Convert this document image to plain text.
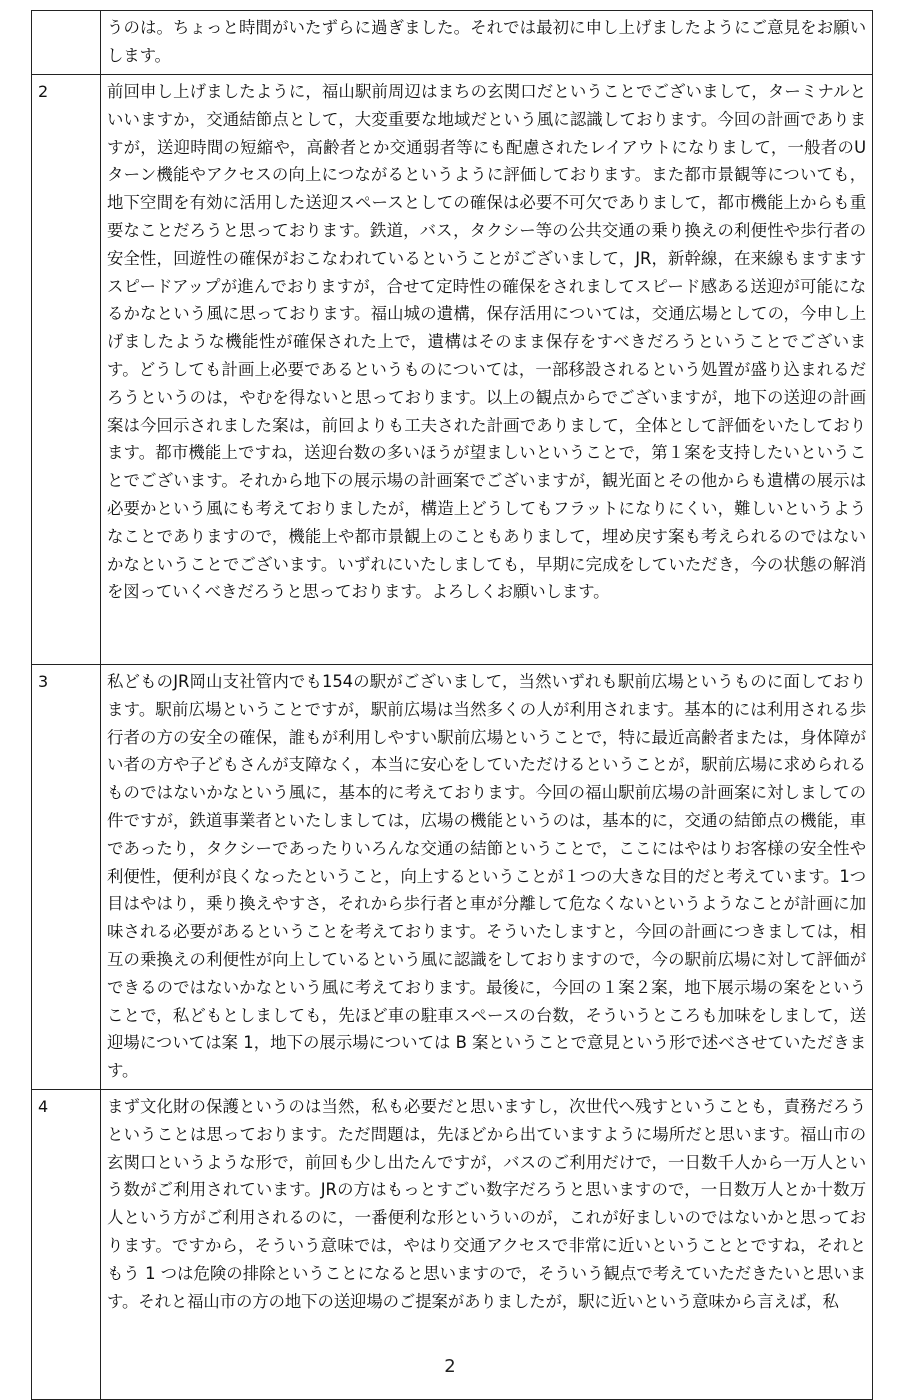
	うのは。ちょっと時間がいたずらに過ぎました。それでは最初に申し上げましたようにご意見をお願いします。
2	前回申し上げましたように，福山駅前周辺はまちの玄関口だということでございまして，ターミナルといいますか，交通結節点として，大変重要な地域だという風に認識しております。今回の計画でありますが，送迎時間の短縮や，高齢者とか交通弱者等にも配慮されたレイアウトになりまして，一般者のUターン機能やアクセスの向上につながるというように評価しております。また都市景観等についても，地下空間を有効に活用した送迎スペースとしての確保は必要不可欠でありまして，都市機能上からも重要なことだろうと思っております。鉄道，バス，タクシー等の公共交通の乗り換えの利便性や歩行者の安全性，回遊性の確保がおこなわれているということがございまして，JR，新幹線，在来線もますますスピードアップが進んでおりますが，合せて定時性の確保をされましてスピード感ある送迎が可能になるかなという風に思っております。福山城の遺構，保存活用については，交通広場としての，今申し上げましたような機能性が確保された上で，遺構はそのまま保存をすべきだろうということでございます。どうしても計画上必要であるというものについては，一部移設されるという処置が盛り込まれるだろうというのは，やむを得ないと思っております。以上の観点からでございますが，地下の送迎の計画案は今回示されました案は，前回よりも工夫された計画でありまして，全体として評価をいたしております。都市機能上ですね，送迎台数の多いほうが望ましいということで，第１案を支持したいということでございます。それから地下の展示場の計画案でございますが，観光面とその他からも遺構の展示は必要かという風にも考えておりましたが，構造上どうしてもフラットになりにくい，難しいというようなことでありますので，機能上や都市景観上のこともありまして，埋め戻す案も考えられるのではないかなということでございます。いずれにいたしましても，早期に完成をしていただき，今の状態の解消を図っていくべきだろうと思っております。よろしくお願いします。
3	私どものJR岡山支社管内でも154の駅がございまして，当然いずれも駅前広場というものに面しております。駅前広場ということですが，駅前広場は当然多くの人が利用されます。基本的には利用される歩行者の方の安全の確保，誰もが利用しやすい駅前広場ということで，特に最近高齢者または，身体障がい者の方や子どもさんが支障なく，本当に安心をしていただけるということが，駅前広場に求められるものではないかなという風に，基本的に考えております。今回の福山駅前広場の計画案に対しましての件ですが，鉄道事業者といたしましては，広場の機能というのは，基本的に，交通の結節点の機能，車であったり，タクシーであったりいろんな交通の結節ということで，ここにはやはりお客様の安全性や利便性，便利が良くなったということ，向上するということが１つの大きな目的だと考えています。1つ目はやはり，乗り換えやすさ，それから歩行者と車が分離して危なくないというようなことが計画に加味される必要があるということを考えております。そういたしますと，今回の計画につきましては，相互の乗換えの利便性が向上しているという風に認識をしておりますので，今の駅前広場に対して評価ができるのではないかなという風に考えております。最後に，今回の１案２案，地下展示場の案をということで，私どもとしましても，先ほど車の駐車スペースの台数，そういうところも加味をしまして，送迎場については案 1，地下の展示場については B 案ということで意見という形で述べさせていただきます。
4	まず文化財の保護というのは当然，私も必要だと思いますし，次世代へ残すということも，責務だろうということは思っております。ただ問題は，先ほどから出ていますように場所だと思います。福山市の玄関口というような形で，前回も少し出たんですが，バスのご利用だけで，一日数千人から一万人という数がご利用されています。JRの方はもっとすごい数字だろうと思いますので，一日数万人とか十数万人という方がご利用されるのに，一番便利な形といういのが，これが好ましいのではないかと思っております。ですから，そういう意味では，やはり交通アクセスで非常に近いということとですね，それともう 1 つは危険の排除ということになると思いますので，そういう観点で考えていただきたいと思います。それと福山市の方の地下の送迎場のご提案がありましたが，駅に近いという意味から言えば，私
2
